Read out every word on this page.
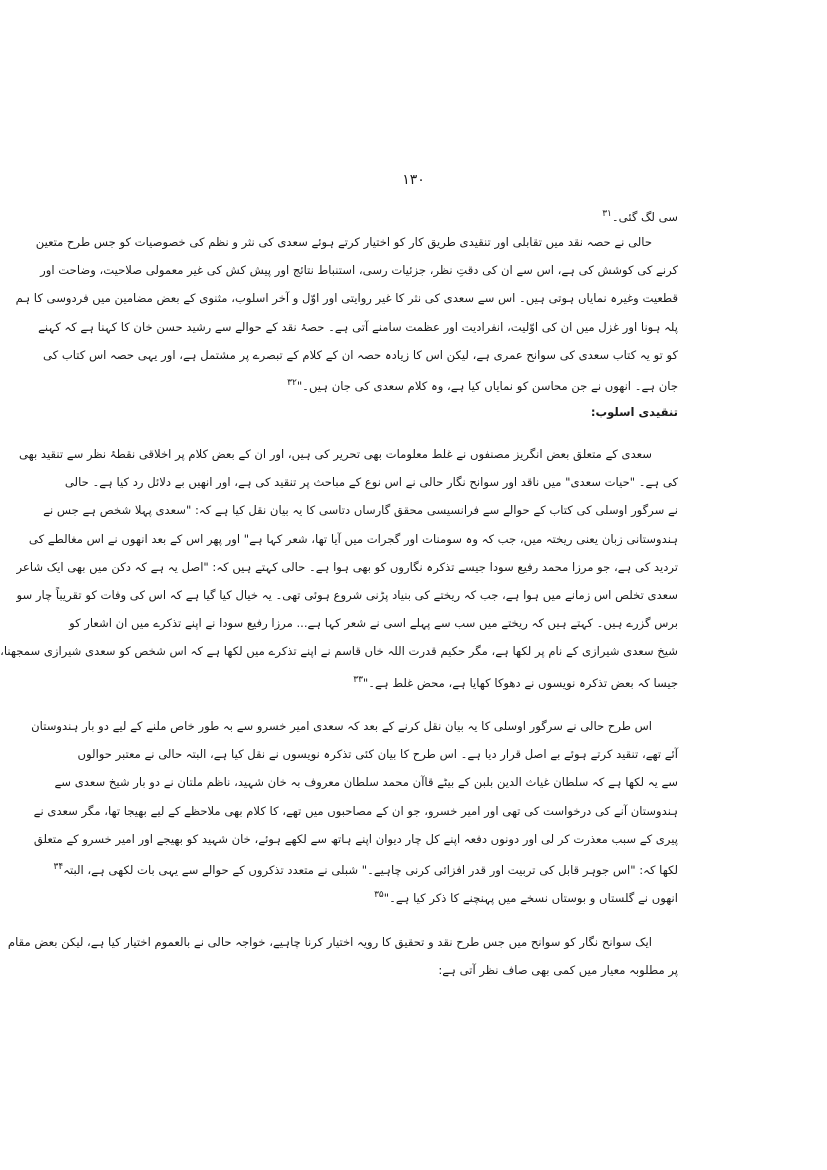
۱۳۰
سی لگ گئی۔$^{۳۱}$
حالی نے حصہ نقد میں تقابلی اور تنقیدی طریق کار کو اختیار کرتے ہوئے سعدی کی نثر و نظم کی خصوصیات کو جس طرح متعین
کرنے کی کوشش کی ہے، اس سے ان کی دقتِ نظر، جزئیات رسی، استنباط نتائج اور پیش کش کی غیر معمولی صلاحیت، وضاحت اور
قطعیت وغیرہ نمایاں ہوتی ہیں۔ اس سے سعدی کی نثر کا غیر روایتی اور اوّل و آخر اسلوب، مثنوی کے بعض مضامین میں فردوسی کا ہم
پلہ ہونا اور غزل میں ان کی اوّلیت، انفرادیت اور عظمت سامنے آتی ہے۔ حصۂ نقد کے حوالے سے رشید حسن خان کا کہنا ہے کہ کہنے
کو تو یہ کتاب سعدی کی سوانح عمری ہے، لیکن اس کا زیادہ حصہ ان کے کلام کے تبصرے پر مشتمل ہے، اور یہی حصہ اس کتاب کی
جان ہے۔ انھوں نے جن محاسن کو نمایاں کیا ہے، وہ کلام سعدی کی جان ہیں۔"$^{۳۲}$
تنقیدی اسلوب:
سعدی کے متعلق بعض انگریز مصنفوں نے غلط معلومات بھی تحریر کی ہیں، اور ان کے بعض کلام پر اخلاقی نقطۂ نظر سے تنقید بھی
کی ہے۔ "حیات سعدی" میں ناقد اور سوانح نگار حالی نے اس نوع کے مباحث پر تنقید کی ہے، اور انھیں بے دلائل رد کیا ہے۔ حالی
نے سرگور اوسلی کی کتاب کے حوالے سے فرانسیسی محقق گارساں دتاسی کا یہ بیان نقل کیا ہے کہ: "سعدی پہلا شخص ہے جس نے
ہندوستانی زبان یعنی ریختہ میں، جب کہ وہ سومنات اور گجرات میں آیا تھا، شعر کہا ہے" اور پھر اس کے بعد انھوں نے اس مغالطے کی
تردید کی ہے، جو مرزا محمد رفیع سودا جیسے تذکرہ نگاروں کو بھی ہوا ہے۔ حالی کہتے ہیں کہ: "اصل یہ ہے کہ دکن میں بھی ایک شاعر
سعدی تخلص اس زمانے میں ہوا ہے، جب کہ ریختے کی بنیاد پڑنی شروع ہوئی تھی۔ یہ خیال کیا گیا ہے کہ اس کی وفات کو تقریباً چار سو
برس گزرے ہیں۔ کہتے ہیں کہ ریختے میں سب سے پہلے اسی نے شعر کہا ہے... مرزا رفیع سودا نے اپنے تذکرے میں ان اشعار کو
شیخ سعدی شیرازی کے نام پر لکھا ہے، مگر حکیم قدرت اللہ خاں قاسم نے اپنے تذکرے میں لکھا ہے کہ اس شخص کو سعدی شیرازی سمجھنا،
جیسا کہ بعض تذکرہ نویسوں نے دھوکا کھایا ہے، محض غلط ہے۔"$^{۳۳}$
اس طرح حالی نے سرگور اوسلی کا یہ بیان نقل کرنے کے بعد کہ سعدی امیر خسرو سے بہ طور خاص ملنے کے لیے دو بار ہندوستان
آئے تھے، تنقید کرتے ہوئے بے اصل قرار دیا ہے۔ اس طرح کا بیان کئی تذکرہ نویسوں نے نقل کیا ہے، البتہ حالی نے معتبر حوالوں
سے یہ لکھا ہے کہ سلطان غیاث الدین بلبن کے بیٹے قاآن محمد سلطان معروف بہ خان شہید، ناظم ملتان نے دو بار شیخ سعدی سے
ہندوستان آنے کی درخواست کی تھی اور امیر خسرو، جو ان کے مصاحبوں میں تھے، کا کلام بھی ملاحظے کے لیے بھیجا تھا، مگر سعدی نے
پیری کے سبب معذرت کر لی اور دونوں دفعہ اپنے کل چار دیوان اپنے ہاتھ سے لکھے ہوئے، خان شہید کو بھیجے اور امیر خسرو کے متعلق
لکھا کہ: "اس جوہر قابل کی تربیت اور قدر افزائی کرنی چاہیے۔" شبلی نے متعدد تذکروں کے حوالے سے یہی بات لکھی ہے، البتہ$^{۳۴}$
انھوں نے گلستاں و بوستاں نسخے میں پہنچنے کا ذکر کیا ہے۔"$^{۳۵}$
ایک سوانح نگار کو سوانح میں جس طرح نقد و تحقیق کا رویہ اختیار کرنا چاہیے، خواجہ حالی نے بالعموم اختیار کیا ہے، لیکن بعض مقام
پر مطلوبہ معیار میں کمی بھی صاف نظر آتی ہے:
